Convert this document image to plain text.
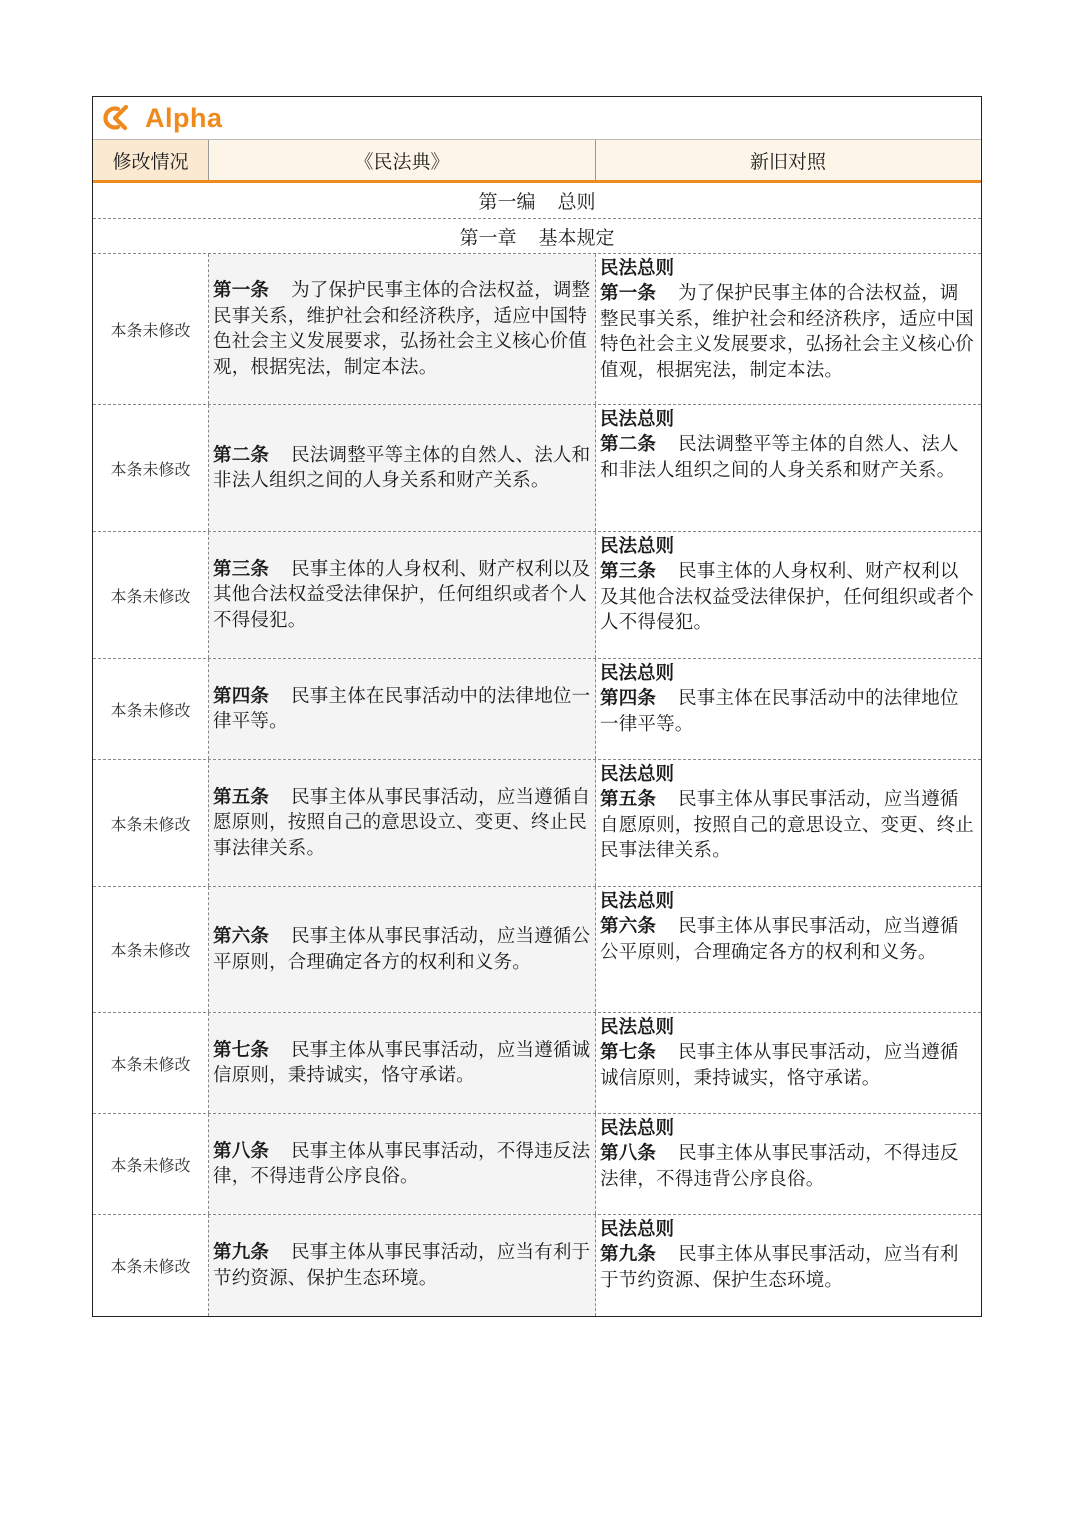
Alpha
修改情况	《民法典》	新旧对照
第一编 总则
第一章 基本规定
本条未修改
第一条 为了保护民事主体的合法权益，调整民事关系，维护社会和经济秩序，适应中国特色社会主义发展要求，弘扬社会主义核心价值观，根据宪法，制定本法。
民法总则
第一条 为了保护民事主体的合法权益，调整民事关系，维护社会和经济秩序，适应中国特色社会主义发展要求，弘扬社会主义核心价值观，根据宪法，制定本法。
本条未修改
第二条 民法调整平等主体的自然人、法人和非法人组织之间的人身关系和财产关系。
民法总则
第二条 民法调整平等主体的自然人、法人和非法人组织之间的人身关系和财产关系。
本条未修改
第三条 民事主体的人身权利、财产权利以及其他合法权益受法律保护，任何组织或者个人不得侵犯。
民法总则
第三条 民事主体的人身权利、财产权利以及其他合法权益受法律保护，任何组织或者个人不得侵犯。
本条未修改
第四条 民事主体在民事活动中的法律地位一律平等。
民法总则
第四条 民事主体在民事活动中的法律地位一律平等。
本条未修改
第五条 民事主体从事民事活动，应当遵循自愿原则，按照自己的意思设立、变更、终止民事法律关系。
民法总则
第五条 民事主体从事民事活动，应当遵循自愿原则，按照自己的意思设立、变更、终止民事法律关系。
本条未修改
第六条 民事主体从事民事活动，应当遵循公平原则，合理确定各方的权利和义务。
民法总则
第六条 民事主体从事民事活动，应当遵循公平原则，合理确定各方的权利和义务。
本条未修改
第七条 民事主体从事民事活动，应当遵循诚信原则，秉持诚实，恪守承诺。
民法总则
第七条 民事主体从事民事活动，应当遵循诚信原则，秉持诚实，恪守承诺。
本条未修改
第八条 民事主体从事民事活动，不得违反法律，不得违背公序良俗。
民法总则
第八条 民事主体从事民事活动，不得违反法律，不得违背公序良俗。
本条未修改
第九条 民事主体从事民事活动，应当有利于节约资源、保护生态环境。
民法总则
第九条 民事主体从事民事活动，应当有利于节约资源、保护生态环境。
